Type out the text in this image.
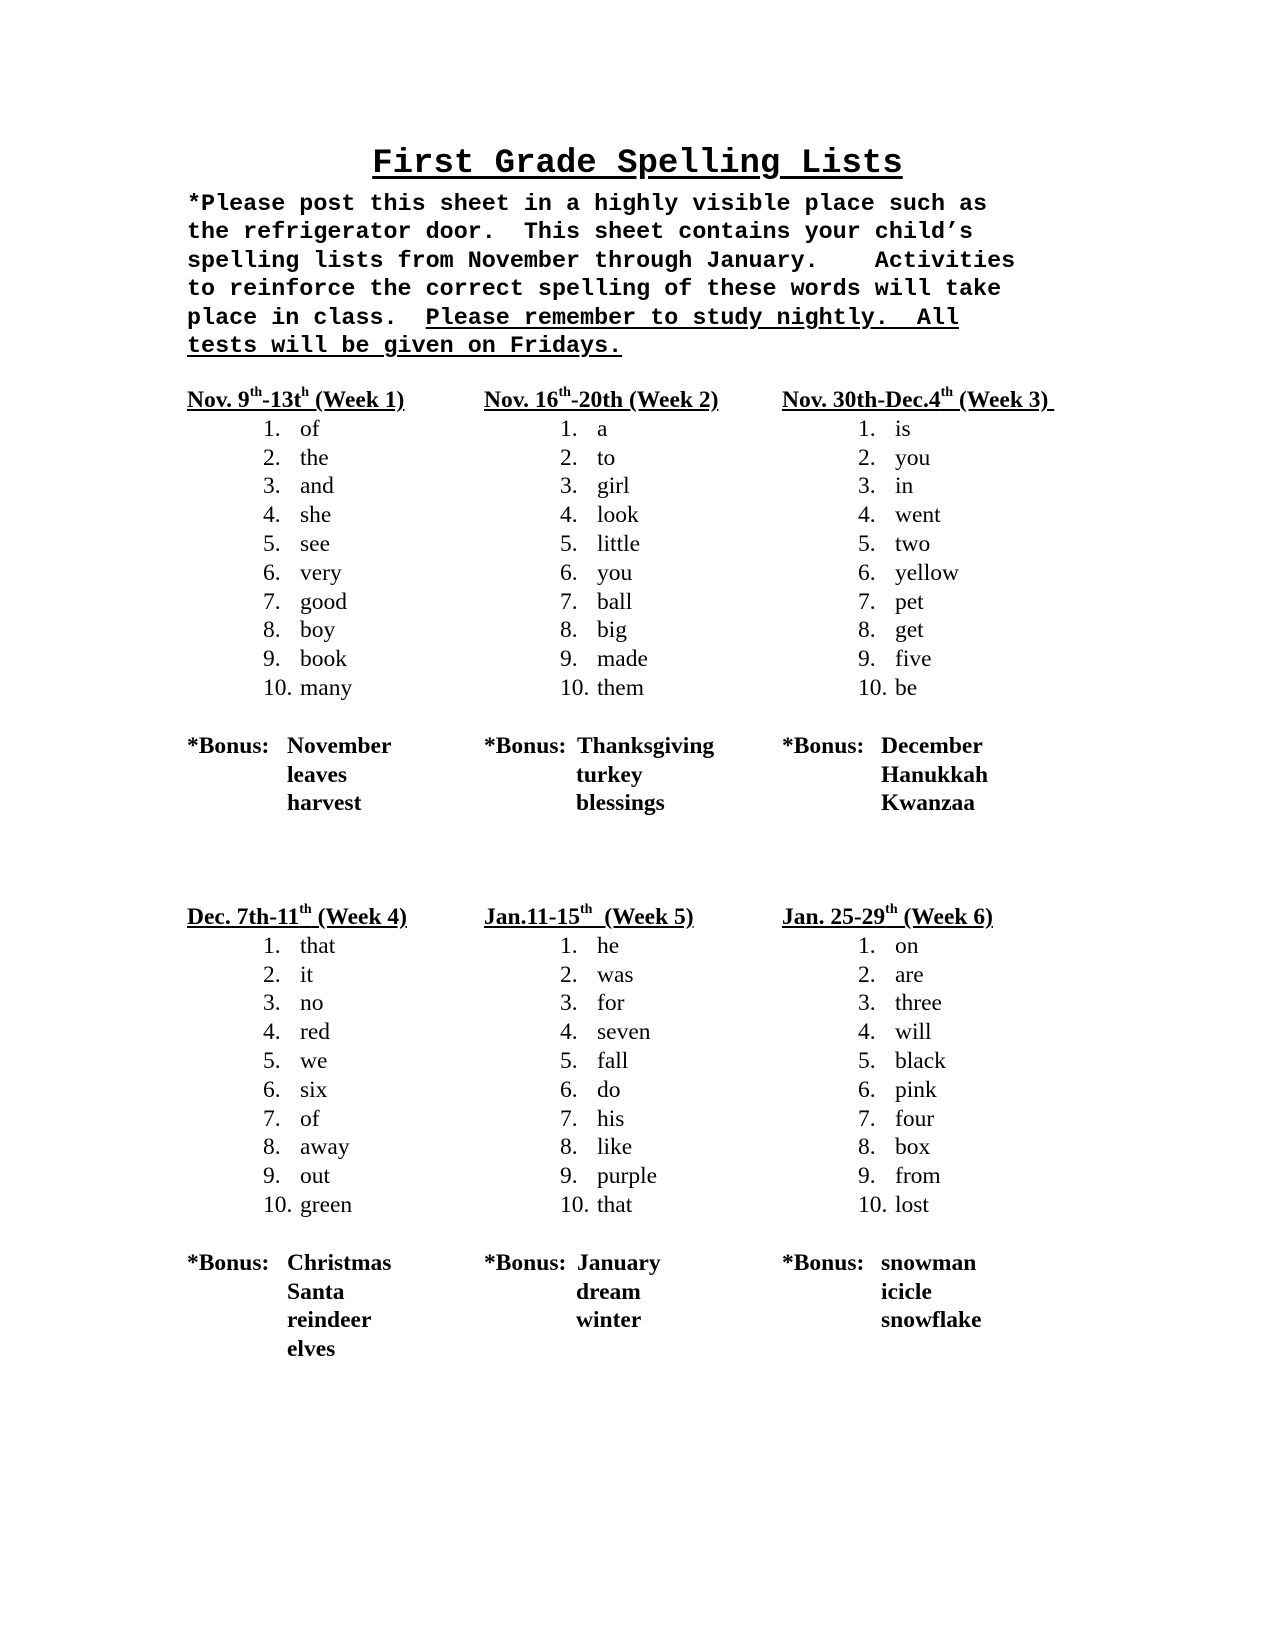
First Grade Spelling Lists
*Please post this sheet in a highly visible place such as
the refrigerator door.  This sheet contains your child’s
spelling lists from November through January.    Activities
to reinforce the correct spelling of these words will take
place in class.  Please remember to study nightly.  All
tests will be given on Fridays.
Nov. $9th-13t^h$ (Week 1)
1. of
2. the
3. and
4. she
5. see
6. very
7. good
8. boy
9. book
10. many
*Bonus: November
leaves
harvest
Nov. 16th-20th (Week 2)
1. a
2. to
3. girl
4. look
5. little
6. you
7. ball
8. big
9. made
10. them
*Bonus: Thanksgiving
turkey
blessings
Nov. 30th-Dec.4th (Week 3)
1. is
2. you
3. in
4. went
5. two
6. yellow
7. pet
8. get
9. five
10. be
*Bonus: December
Hanukkah
Kwanzaa
Dec. 7th-11th (Week 4)
1. that
2. it
3. no
4. red
5. we
6. six
7. of
8. away
9. out
10. green
*Bonus: Christmas
Santa
reindeer
elves
Jan.11-15th  (Week 5)
1. he
2. was
3. for
4. seven
5. fall
6. do
7. his
8. like
9. purple
10. that
*Bonus: January
dream
winter
Jan. 25-29th (Week 6)
1. on
2. are
3. three
4. will
5. black
6. pink
7. four
8. box
9. from
10. lost
*Bonus: snowman
icicle
snowflake
